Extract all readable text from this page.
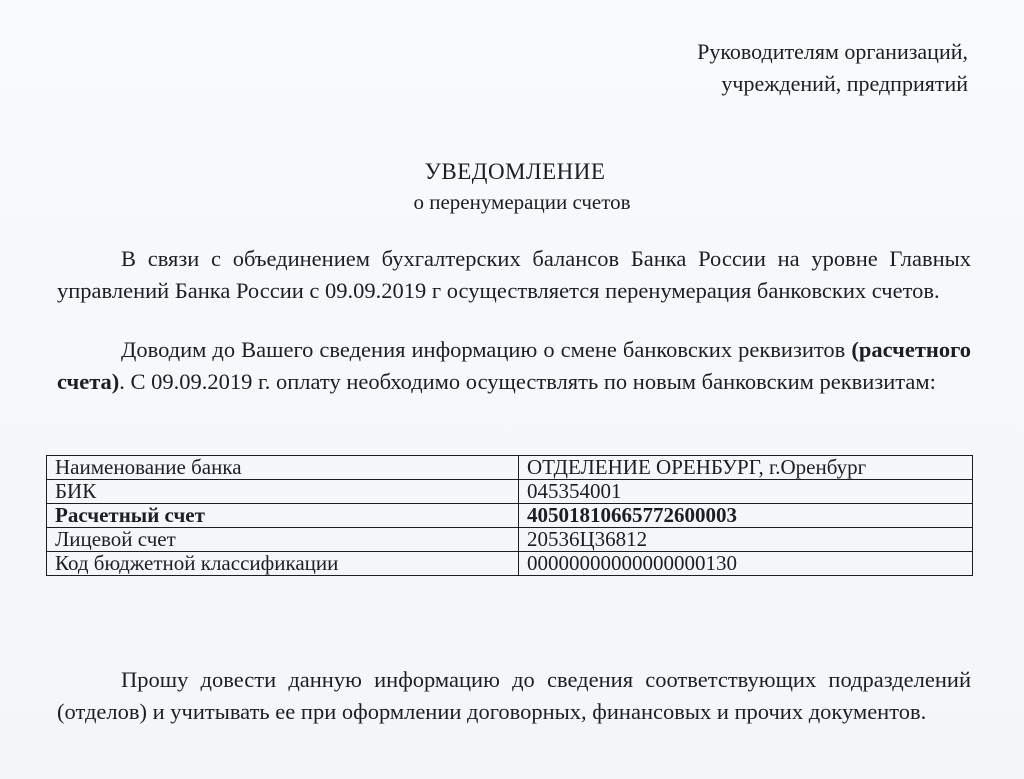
Руководителям организаций,
учреждений, предприятий
УВЕДОМЛЕНИЕ
о перенумерации счетов

В связи с объединением бухгалтерских балансов Банка России на уровне Главных управлений Банка России с 09.09.2019 г осуществляется перенумерация банковских счетов.

Доводим до Вашего сведения информацию о смене банковских реквизитов (расчетного счета). С 09.09.2019 г. оплату необходимо осуществлять по новым банковским реквизитам:

Наименование банка	ОТДЕЛЕНИЕ ОРЕНБУРГ, г.Оренбург
БИК	045354001
Расчетный счет	40501810665772600003
Лицевой счет	20536Ц36812
Код бюджетной классификации	00000000000000000130

Прошу довести данную информацию до сведения соответствующих подразделений (отделов) и учитывать ее при оформлении договорных, финансовых и прочих документов.
